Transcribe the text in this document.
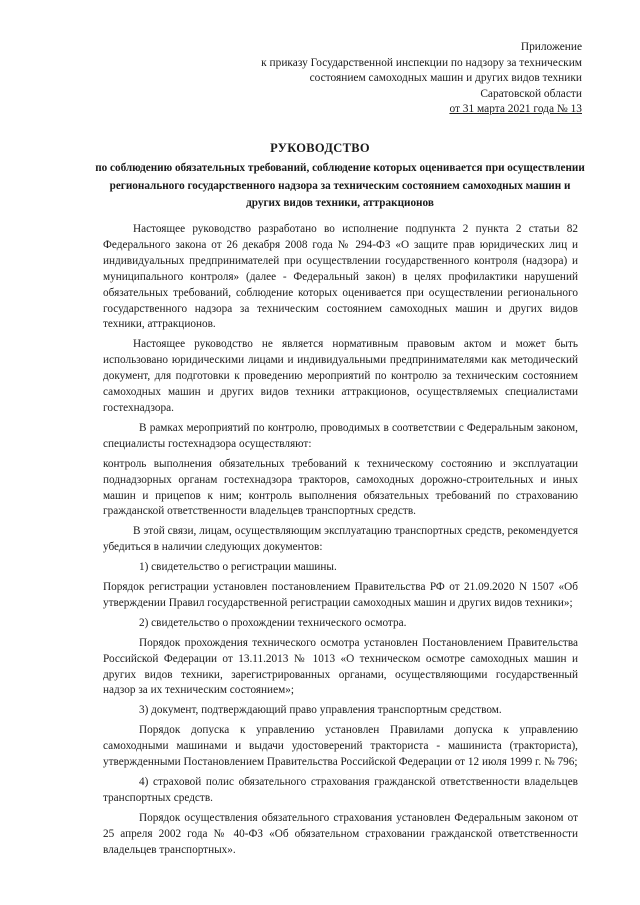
Приложение
к приказу Государственной инспекции по надзору за техническим
состоянием самоходных машин и других видов техники
Саратовской области
от 31 марта 2021 года № 13
РУКОВОДСТВО
по соблюдению обязательных требований, соблюдение которых оценивается при осуществлении регионального государственного надзора за техническим состоянием самоходных машин и других видов техники, аттракционов

Настоящее руководство разработано во исполнение подпункта 2 пункта 2 статьи 82 Федерального закона от 26 декабря 2008 года № 294-ФЗ «О защите прав юридических лиц и индивидуальных предпринимателей при осуществлении государственного контроля (надзора) и муниципального контроля» (далее - Федеральный закон) в целях профилактики нарушений обязательных требований, соблюдение которых оценивается при осуществлении регионального государственного надзора за техническим состоянием самоходных машин и других видов техники, аттракционов.

Настоящее руководство не является нормативным правовым актом и может быть использовано юридическими лицами и индивидуальными предпринимателями как методический документ, для подготовки к проведению мероприятий по контролю за техническим состоянием самоходных машин и других видов техники аттракционов, осуществляемых специалистами гостехнадзора.

В рамках мероприятий по контролю, проводимых в соответствии с Федеральным законом, специалисты гостехнадзора осуществляют:

контроль выполнения обязательных требований к техническому состоянию и эксплуатации поднадзорных органам гостехнадзора тракторов, самоходных дорожно-строительных и иных машин и прицепов к ним; контроль выполнения обязательных требований по страхованию гражданской ответственности владельцев транспортных средств.

В этой связи, лицам, осуществляющим эксплуатацию транспортных средств, рекомендуется убедиться в наличии следующих документов:

1) свидетельство о регистрации машины.

Порядок регистрации установлен постановлением Правительства РФ от 21.09.2020 N 1507 «Об утверждении Правил государственной регистрации самоходных машин и других видов техники»;

2) свидетельство о прохождении технического осмотра.

Порядок прохождения технического осмотра установлен Постановлением Правительства Российской Федерации от 13.11.2013 № 1013 «О техническом осмотре самоходных машин и других видов техники, зарегистрированных органами, осуществляющими государственный надзор за их техническим состоянием»;

3) документ, подтверждающий право управления транспортным средством.

Порядок допуска к управлению установлен Правилами допуска к управлению самоходными машинами и выдачи удостоверений тракториста - машиниста (тракториста), утвержденными Постановлением Правительства Российской Федерации от 12 июля 1999 г. № 796;

4) страховой полис обязательного страхования гражданской ответственности владельцев транспортных средств.

Порядок осуществления обязательного страхования установлен Федеральным законом от 25 апреля 2002 года № 40-ФЗ «Об обязательном страховании гражданской ответственности владельцев транспортных».
